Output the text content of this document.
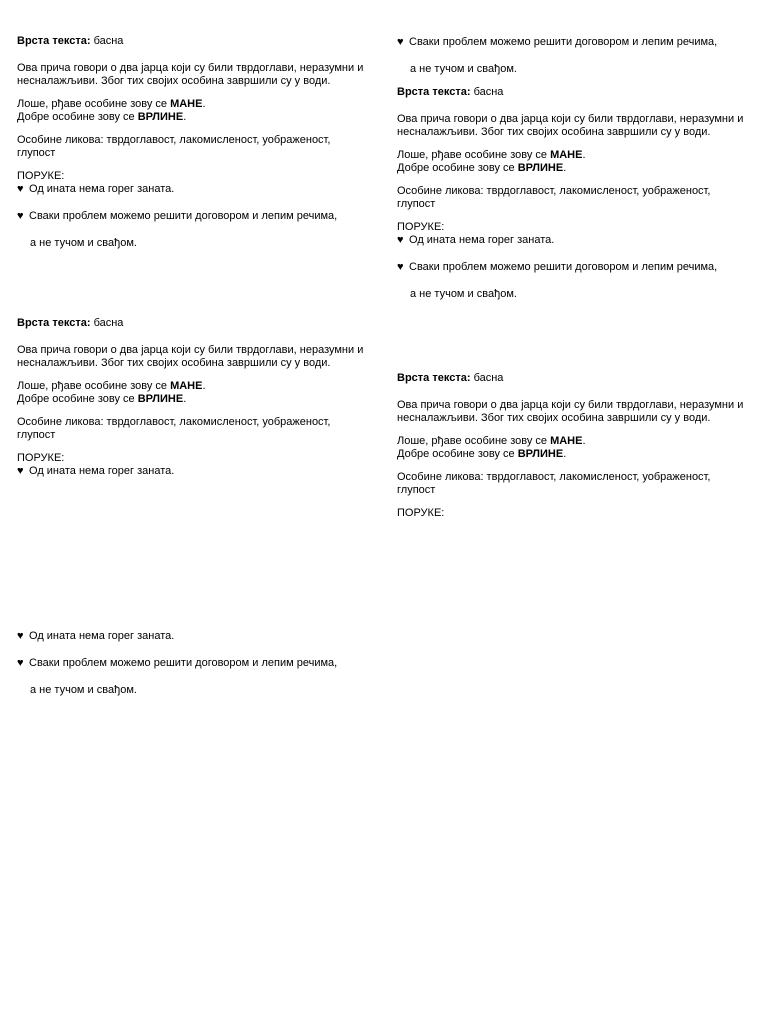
Врста текста: басна

Ова прича говори о два јарца који су били тврдоглави, неразумни и несналажљиви. Због тих својих особина завршили су у води.

Лоше, рђаве особине зову се МАНЕ.

Добре особине зову се ВРЛИНЕ.

Особине ликова: тврдоглавост, лакомисленост, уображеност, глупост

ПОРУКЕ:

♥ Од ината нема горег заната.

♥ Сваки проблем можемо решити договором и лепим речима,

а не тучом и свађом.

Врста текста: басна

Ова прича говори о два јарца који су били тврдоглави, неразумни и несналажљиви. Због тих својих особина завршили су у води.

Лоше, рђаве особине зову се МАНЕ.

Добре особине зову се ВРЛИНЕ.

Особине ликова: тврдоглавост, лакомисленост, уображеност, глупост

ПОРУКЕ:

♥ Од ината нема горег заната.

♥ Од ината нема горег заната.

♥ Сваки проблем можемо решити договором и лепим речима,

а не тучом и свађом.

♥ Сваки проблем можемо решити договором и лепим речима,

а не тучом и свађом.

Врста текста: басна

Ова прича говори о два јарца који су били тврдоглави, неразумни и несналажљиви. Због тих својих особина завршили су у води.

Лоше, рђаве особине зову се МАНЕ.

Добре особине зову се ВРЛИНЕ.

Особине ликова: тврдоглавост, лакомисленост, уображеност, глупост

ПОРУКЕ:

♥ Од ината нема горег заната.

♥ Сваки проблем можемо решити договором и лепим речима,

а не тучом и свађом.

Врста текста: басна

Ова прича говори о два јарца који су били тврдоглави, неразумни и несналажљиви. Због тих својих особина завршили су у води.

Лоше, рђаве особине зову се МАНЕ.

Добре особине зову се ВРЛИНЕ.

Особине ликова: тврдоглавост, лакомисленост, уображеност, глупост

ПОРУКЕ:
